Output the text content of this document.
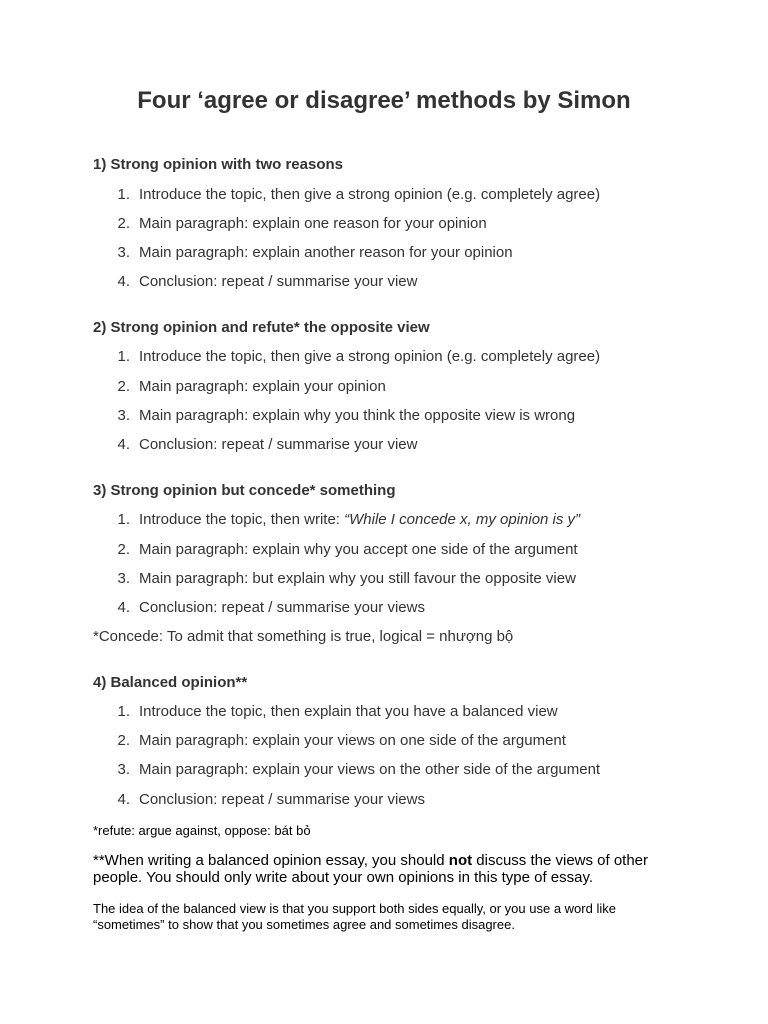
Four ‘agree or disagree’ methods by Simon
1) Strong opinion with two reasons
1. Introduce the topic, then give a strong opinion (e.g. completely agree)
2. Main paragraph: explain one reason for your opinion
3. Main paragraph: explain another reason for your opinion
4. Conclusion: repeat / summarise your view
2) Strong opinion and refute* the opposite view
1. Introduce the topic, then give a strong opinion (e.g. completely agree)
2. Main paragraph: explain your opinion
3. Main paragraph: explain why you think the opposite view is wrong
4. Conclusion: repeat / summarise your view
3) Strong opinion but concede* something
1. Introduce the topic, then write: “While I concede x, my opinion is y”
2. Main paragraph: explain why you accept one side of the argument
3. Main paragraph: but explain why you still favour the opposite view
4. Conclusion: repeat / summarise your views
*Concede: To admit that something is true, logical = nhượng bộ
4) Balanced opinion**
1. Introduce the topic, then explain that you have a balanced view
2. Main paragraph: explain your views on one side of the argument
3. Main paragraph: explain your views on the other side of the argument
4. Conclusion: repeat / summarise your views
*refute: argue against, oppose: bát bỏ
**When writing a balanced opinion essay, you should not discuss the views of other people. You should only write about your own opinions in this type of essay.
The idea of the balanced view is that you support both sides equally, or you use a word like “sometimes” to show that you sometimes agree and sometimes disagree.
